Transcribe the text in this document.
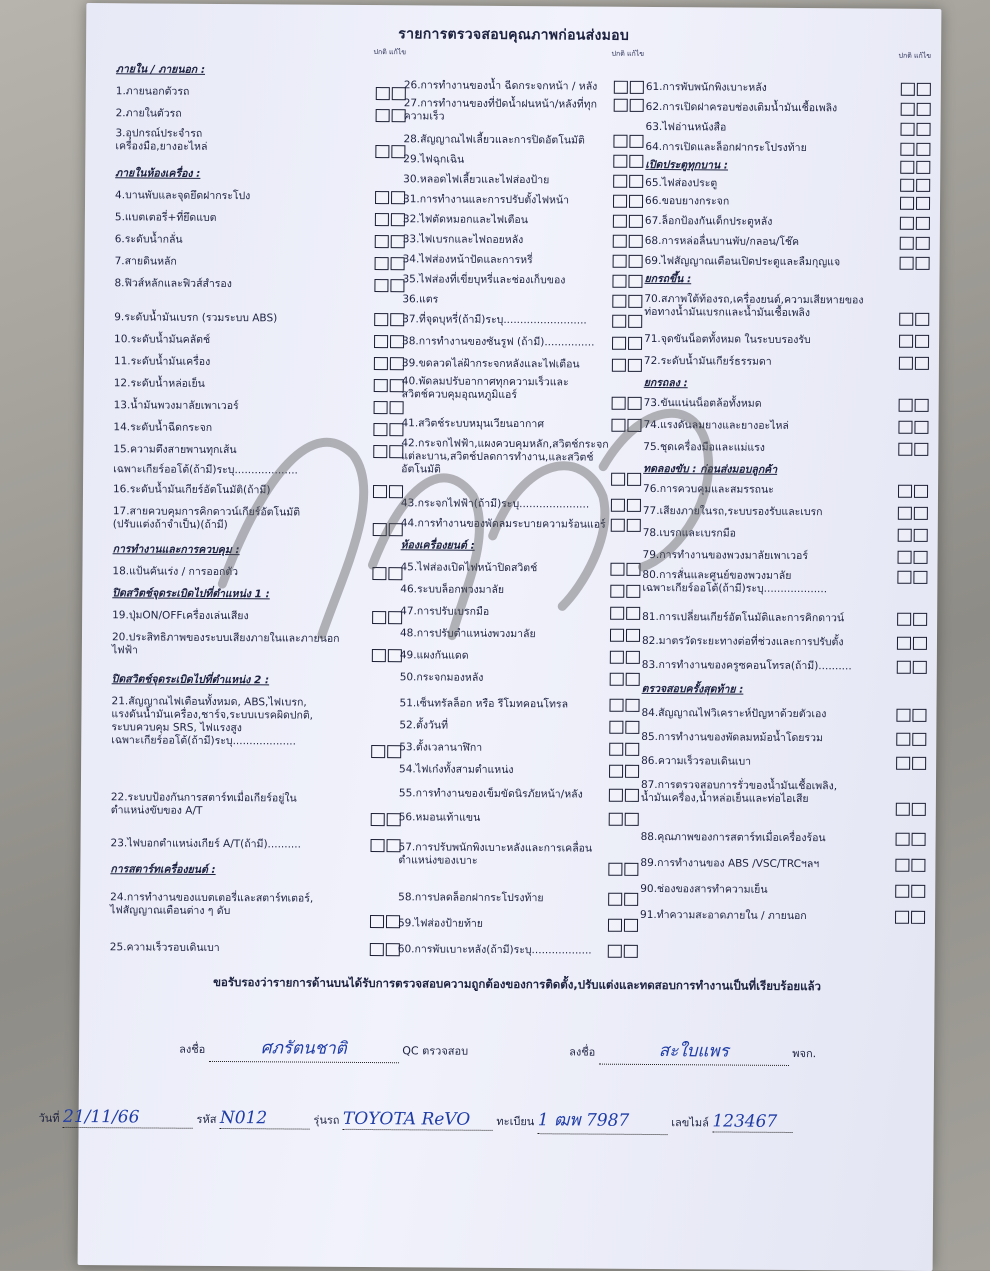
รายการตรวจสอบคุณภาพก่อนส่งมอบ
ปกติ แก้ไข
ภายใน / ภายนอก :
1.ภายนอกตัวรถ
2.ภายในตัวรถ
3.อุปกรณ์ประจำรถ
เครื่องมือ,ยางอะไหล่
ภายในห้องเครื่อง :
4.บานพับและจุดยึดฝากระโปง
5.แบตเตอรี่+ที่ยึดแบต
6.ระดับน้ำกลั่น
7.สายดินหลัก
8.ฟิวส์หลักและฟิวส์สำรอง
9.ระดับน้ำมันเบรก (รวมระบบ ABS)
10.ระดับน้ำมันคลัตช์
11.ระดับน้ำมันเครื่อง
12.ระดับน้ำหล่อเย็น
13.น้ำมันพวงมาลัยเพาเวอร์
14.ระดับน้ำฉีดกระจก
15.ความตึงสายพานทุกเส้น
เฉพาะเกียร์ออโต้(ถ้ามี)ระบุ...................
16.ระดับน้ำมันเกียร์อัตโนมัติ(ถ้ามี)
17.สายควบคุมการคิกดาวน์เกียร์อัตโนมัติ
(ปรับแต่งถ้าจำเป็น)(ถ้ามี)
การทำงานและการควบคุม :
18.แป้นคันเร่ง / การออกตัว
ปิดสวิตช์จุดระเบิดไปที่ตำแหน่ง 1 :
19.ปุ่มON/OFFเครื่องเล่นเสียง
20.ประสิทธิภาพของระบบเสียงภายในและภายนอก
ไฟฟ้า
ปิดสวิตช์จุดระเบิดไปที่ตำแหน่ง 2 :
21.สัญญาณไฟเตือนทั้งหมด, ABS,ไฟเบรก,
แรงดันน้ำมันเครื่อง,ชาร์จ,ระบบเบรคผิดปกติ,
ระบบควบคุม SRS, ไฟแรงสูง
เฉพาะเกียร์ออโต้(ถ้ามี)ระบุ...................
22.ระบบป้องกันการสตาร์ทเมื่อเกียร์อยู่ใน
ตำแหน่งขับของ A/T
23.ไฟบอกตำแหน่งเกียร์ A/T(ถ้ามี)..........
การสตาร์ทเครื่องยนต์ :
24.การทำงานของแบตเตอรี่และสตาร์ทเตอร์,
ไฟสัญญาณเตือนต่าง ๆ ดับ
25.ความเร็วรอบเดินเบา
ปกติ แก้ไข
26.การทำงานของน้ำ ฉีดกระจกหน้า / หลัง
27.การทำงานของที่ปัดน้ำฝนหน้า/หลังที่ทุก
ความเร็ว
28.สัญญาณไฟเลี้ยวและการปิดอัตโนมัติ
29.ไฟฉุกเฉิน
30.หลอดไฟเลี้ยวและไฟส่องป้าย
31.การทำงานและการปรับตั้งไฟหน้า
32.ไฟตัดหมอกและไฟเตือน
33.ไฟเบรกและไฟถอยหลัง
34.ไฟส่องหน้าปัดและการหรี่
35.ไฟส่องที่เขี่ยบุหรี่และช่องเก็บของ
36.แตร
37.ที่จุดบุหรี่(ถ้ามี)ระบุ.........................
38.การทำงานของซันรูฟ (ถ้ามี)...............
39.ขดลวดไล่ฝ้ากระจกหลังและไฟเตือน
40.พัดลมปรับอากาศทุกความเร็วและ
สวิตช์ควบคุมอุณหภูมิแอร์
41.สวิตช์ระบบหมุนเวียนอากาศ
42.กระจกไฟฟ้า,แผงควบคุมหลัก,สวิตช์กระจก
แต่ละบาน,สวิตช์ปลดการทำงาน,และสวิตช์
อัตโนมัติ
43.กระจกไฟฟ้า(ถ้ามี)ระบุ.....................
44.การทำงานของพัดลมระบายความร้อนแอร์
ห้องเครื่องยนต์ :
45.ไฟส่องเปิดไฟหน้าปิดสวิตช์
46.ระบบล็อกพวงมาลัย
47.การปรับเบรกมือ
48.การปรับตำแหน่งพวงมาลัย
49.แผงกันแดด
50.กระจกมองหลัง
51.เซ็นทรัลล็อก หรือ รีโมทคอนโทรล
52.ตั้งวันที่
53.ตั้งเวลานาฬิกา
54.ไฟเก๋งทั้งสามตำแหน่ง
55.การทำงานของเข็มขัดนิรภัยหน้า/หลัง
56.หมอนเท้าแขน
57.การปรับพนักพิงเบาะหลังและการเคลื่อน
ตำแหน่งของเบาะ
58.การปลดล็อกฝากระโปรงท้าย
59.ไฟส่องป้ายท้าย
60.การพับเบาะหลัง(ถ้ามี)ระบุ..................
ปกติ แก้ไข
61.การพับพนักพิงเบาะหลัง
62.การเปิดฝาครอบช่องเติมน้ำมันเชื้อเพลิง
63.ไฟอ่านหนังสือ
64.การเปิดและล็อกฝากระโปรงท้าย
เปิดประตูทุกบาน :
65.ไฟส่องประตู
66.ขอบยางกระจก
67.ล็อกป้องกันเด็กประตูหลัง
68.การหล่อลื่นบานพับ/กลอน/โช๊ค
69.ไฟสัญญาณเตือนเปิดประตูและลืมกุญแจ
ยกรถขึ้น :
70.สภาพใต้ท้องรถ,เครื่องยนต์,ความเสียหายของ
ท่อทางน้ำมันเบรกและน้ำมันเชื้อเพลิง
71.จุดขันน็อตทั้งหมด ในระบบรองรับ
72.ระดับน้ำมันเกียร์ธรรมดา
ยกรถลง :
73.ขันแน่นน็อตล้อทั้งหมด
74.แรงดันลมยางและยางอะไหล่
75.ชุดเครื่องมือและแม่แรง
ทดลองขับ : ก่อนส่งมอบลูกค้า
76.การควบคุมและสมรรถนะ
77.เสียงภายในรถ,ระบบรองรับและเบรก
78.เบรกและเบรกมือ
79.การทำงานของพวงมาลัยเพาเวอร์
80.การสั่นและศูนย์ของพวงมาลัย
เฉพาะเกียร์ออโต้(ถ้ามี)ระบุ...................
81.การเปลี่ยนเกียร์อัตโนมัติและการคิกดาวน์
82.มาตรวัดระยะทางต่อที่ช่วงและการปรับตั้ง
83.การทำงานของครูซคอนโทรล(ถ้ามี)..........
ตรวจสอบครั้งสุดท้าย :
84.สัญญาณไฟวิเคราะห์ปัญหาด้วยตัวเอง
85.การทำงานของพัดลมหม้อน้ำโดยรวม
86.ความเร็วรอบเดินเบา
87.การตรวจสอบการรั่วของน้ำมันเชื้อเพลิง,
น้ำมันเครื่อง,น้ำหล่อเย็นและท่อไอเสีย
88.คุณภาพของการสตาร์ทเมื่อเครื่องร้อน
89.การทำงานของ ABS /VSC/TRCฯลฯ
90.ช่องของสารทำความเย็น
91.ทำความสะอาดภายใน / ภายนอก
ขอรับรองว่ารายการด้านบนได้รับการตรวจสอบความถูกต้องของการติดตั้ง,ปรับแต่งและทดสอบการทำงานเป็นที่เรียบร้อยแล้ว
ลงชื่อ	ศภรัตนชาติ	QC ตรวจสอบ	ลงชื่อ	สะใบแพร	พจก.
วันที่ 21/11/66	รหัส N012	รุ่นรถ TOYOTA ReVO ทะเบียน 1 ฒพ 7987	เลขไมล์ 123467
